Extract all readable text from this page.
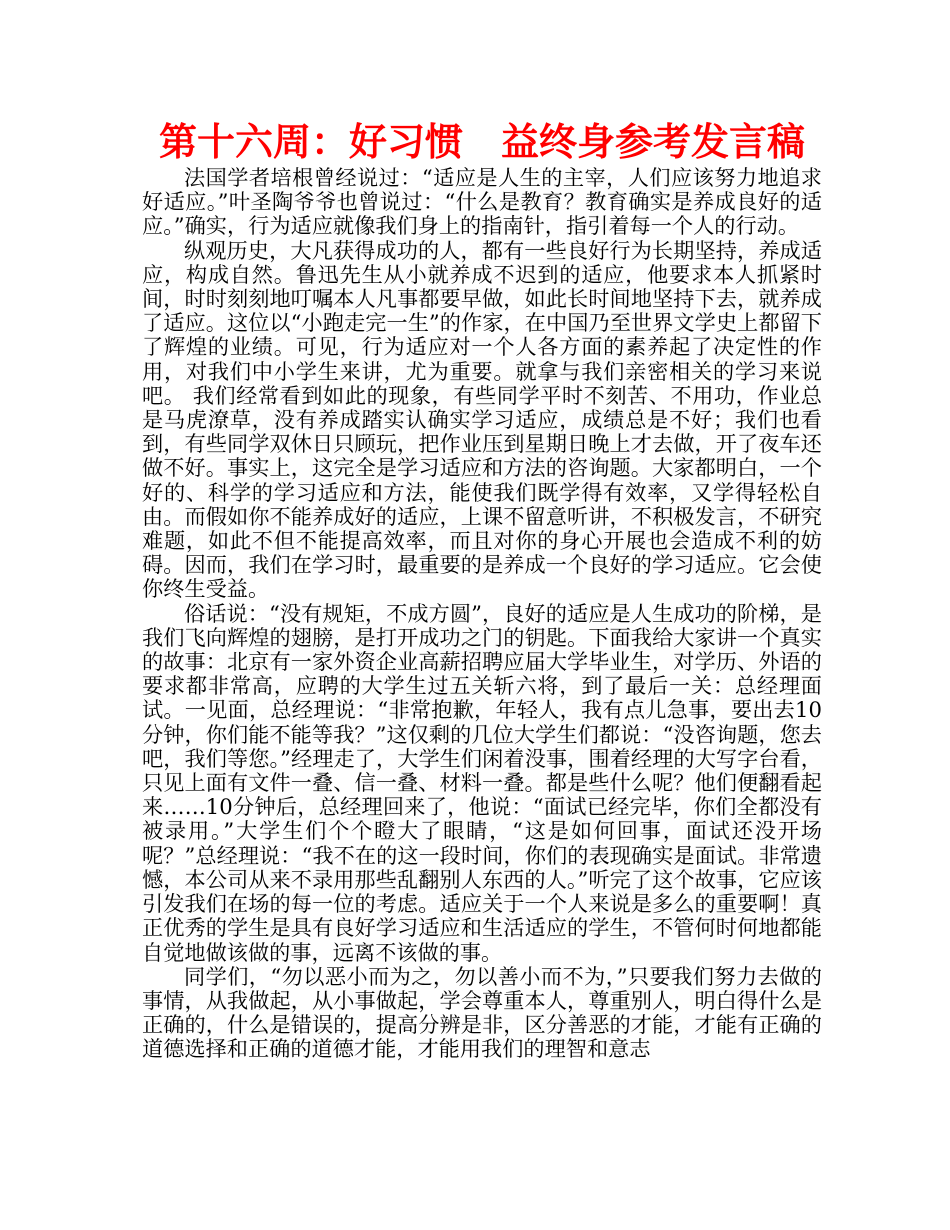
第十六周：好习惯　益终身参考发言稿

法国学者培根曾经说过：“适应是人生的主宰，人们应该努力地追求好适应。”叶圣陶爷爷也曾说过：“什么是教育？教育确实是养成良好的适应。”确实，行为适应就像我们身上的指南针，指引着每一个人的行动。

纵观历史，大凡获得成功的人，都有一些良好行为长期坚持，养成适应，构成自然。鲁迅先生从小就养成不迟到的适应，他要求本人抓紧时间，时时刻刻地叮嘱本人凡事都要早做，如此长时间地坚持下去，就养成了适应。这位以“小跑走完一生”的作家，在中国乃至世界文学史上都留下了辉煌的业绩。可见，行为适应对一个人各方面的素养起了决定性的作用，对我们中小学生来讲，尤为重要。就拿与我们亲密相关的学习来说吧。 我们经常看到如此的现象，有些同学平时不刻苦、不用功，作业总是马虎潦草，没有养成踏实认确实学习适应，成绩总是不好；我们也看到，有些同学双休日只顾玩，把作业压到星期日晚上才去做，开了夜车还做不好。事实上，这完全是学习适应和方法的咨询题。大家都明白，一个好的、科学的学习适应和方法，能使我们既学得有效率，又学得轻松自由。而假如你不能养成好的适应，上课不留意听讲，不积极发言，不研究难题，如此不但不能提高效率，而且对你的身心开展也会造成不利的妨碍。因而，我们在学习时，最重要的是养成一个良好的学习适应。它会使你终生受益。

俗话说：“没有规矩，不成方圆”，良好的适应是人生成功的阶梯，是我们飞向辉煌的翅膀，是打开成功之门的钥匙。下面我给大家讲一个真实的故事：北京有一家外资企业高薪招聘应届大学毕业生，对学历、外语的要求都非常高，应聘的大学生过五关斩六将，到了最后一关：总经理面试。一见面，总经理说：“非常抱歉，年轻人，我有点儿急事，要出去10分钟，你们能不能等我？”这仅剩的几位大学生们都说：“没咨询题，您去吧，我们等您。”经理走了，大学生们闲着没事，围着经理的大写字台看，只见上面有文件一叠、信一叠、材料一叠。都是些什么呢？他们便翻看起来……10分钟后，总经理回来了，他说：“面试已经完毕，你们全都没有被录用。”大学生们个个瞪大了眼睛，“这是如何回事，面试还没开场呢？”总经理说：“我不在的这一段时间，你们的表现确实是面试。非常遗憾，本公司从来不录用那些乱翻别人东西的人。”听完了这个故事，它应该引发我们在场的每一位的考虑。适应关于一个人来说是多么的重要啊！真正优秀的学生是具有良好学习适应和生活适应的学生，不管何时何地都能自觉地做该做的事，远离不该做的事。

同学们，“勿以恶小而为之，勿以善小而不为，”只要我们努力去做的事情，从我做起，从小事做起，学会尊重本人，尊重别人，明白得什么是正确的，什么是错误的，提高分辨是非，区分善恶的才能，才能有正确的道德选择和正确的道德才能，才能用我们的理智和意志
